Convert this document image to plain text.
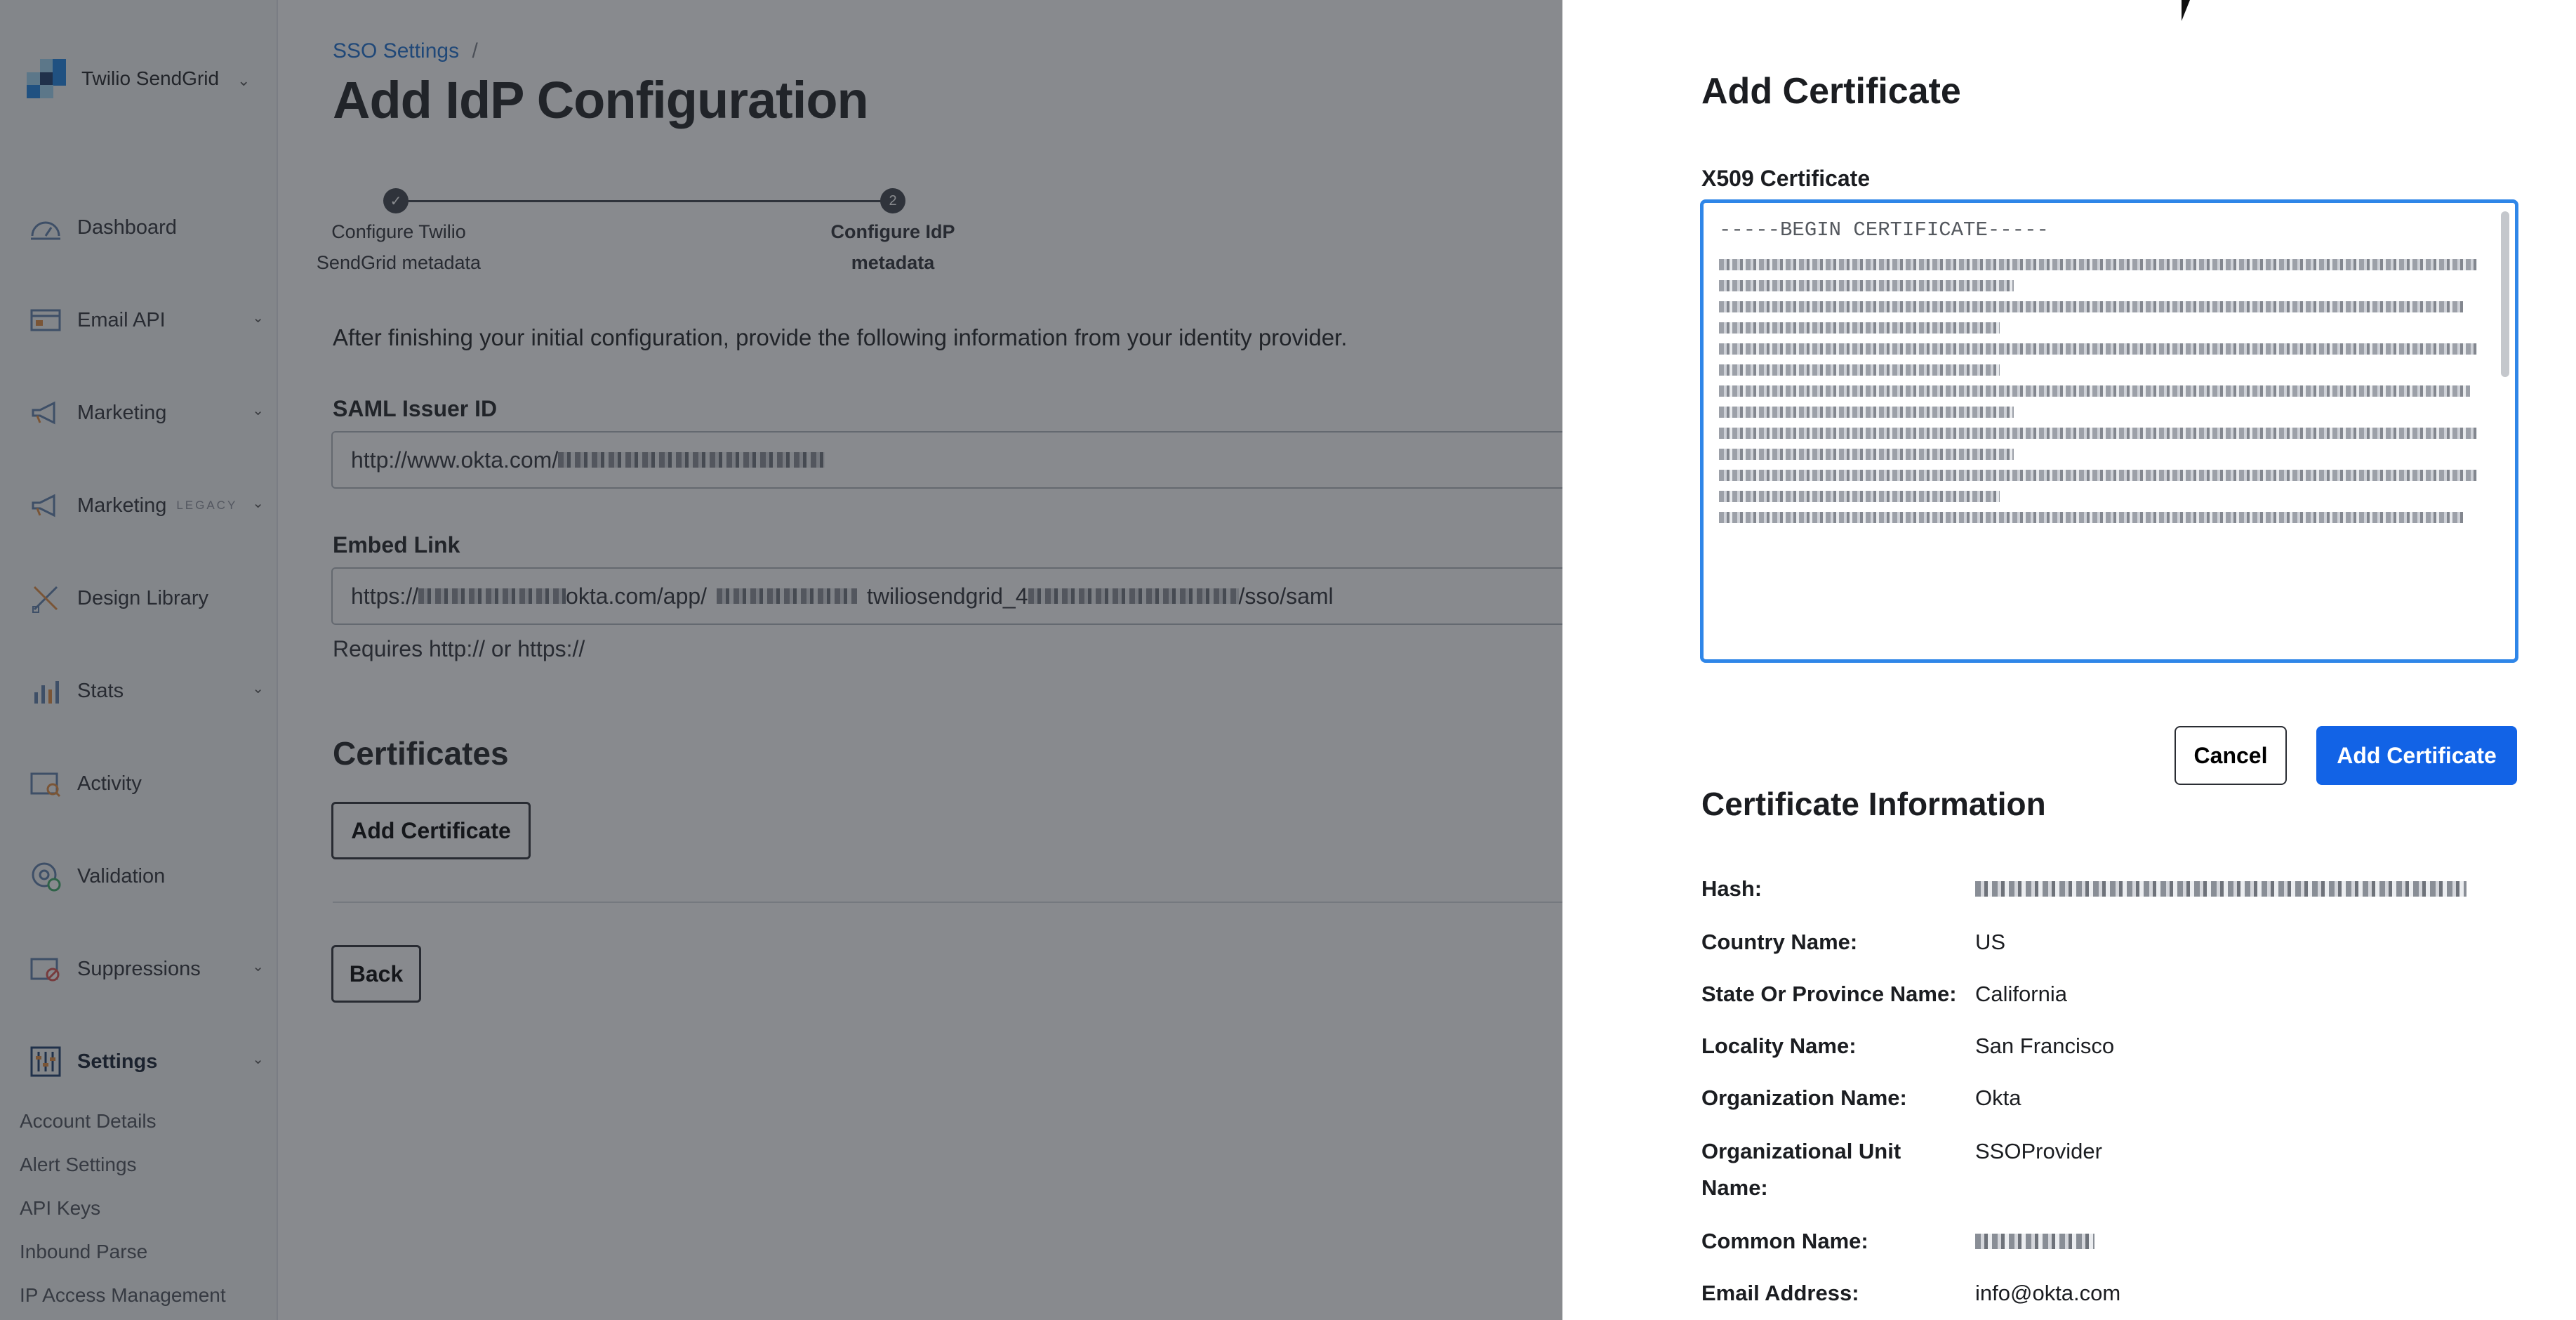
Add Certificate
X509 Certificate
-----BEGIN CERTIFICATE-----
Cancel	Add Certificate
Certificate Information
Hash:
Country Name:	US
State Or Province Name: California
Locality Name:	San Francisco
Organization Name:	Okta
Organizational Unit
Name:
SSOProvider
Common Name:
Email Address:	info@okta.com
